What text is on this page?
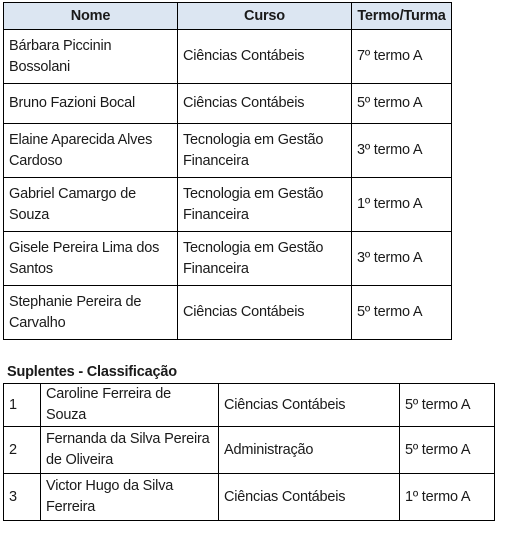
Nome	Curso	Termo/Turma
Bárbara Piccinin Bossolani	Ciências Contábeis	7º termo A
Bruno Fazioni Bocal	Ciências Contábeis	5º termo A
Elaine Aparecida Alves Cardoso	Tecnologia em Gestão Financeira	3º termo A
Gabriel Camargo de Souza	Tecnologia em Gestão Financeira	1º termo A
Gisele Pereira Lima dos Santos	Tecnologia em Gestão Financeira	3º termo A
Stephanie Pereira de Carvalho	Ciências Contábeis	5º termo A
Suplentes - Classificação
1	Caroline Ferreira de Souza	Ciências Contábeis	5º termo A
2	Fernanda da Silva Pereira de Oliveira	Administração	5º termo A
3	Victor Hugo da Silva Ferreira	Ciências Contábeis	1º termo A
